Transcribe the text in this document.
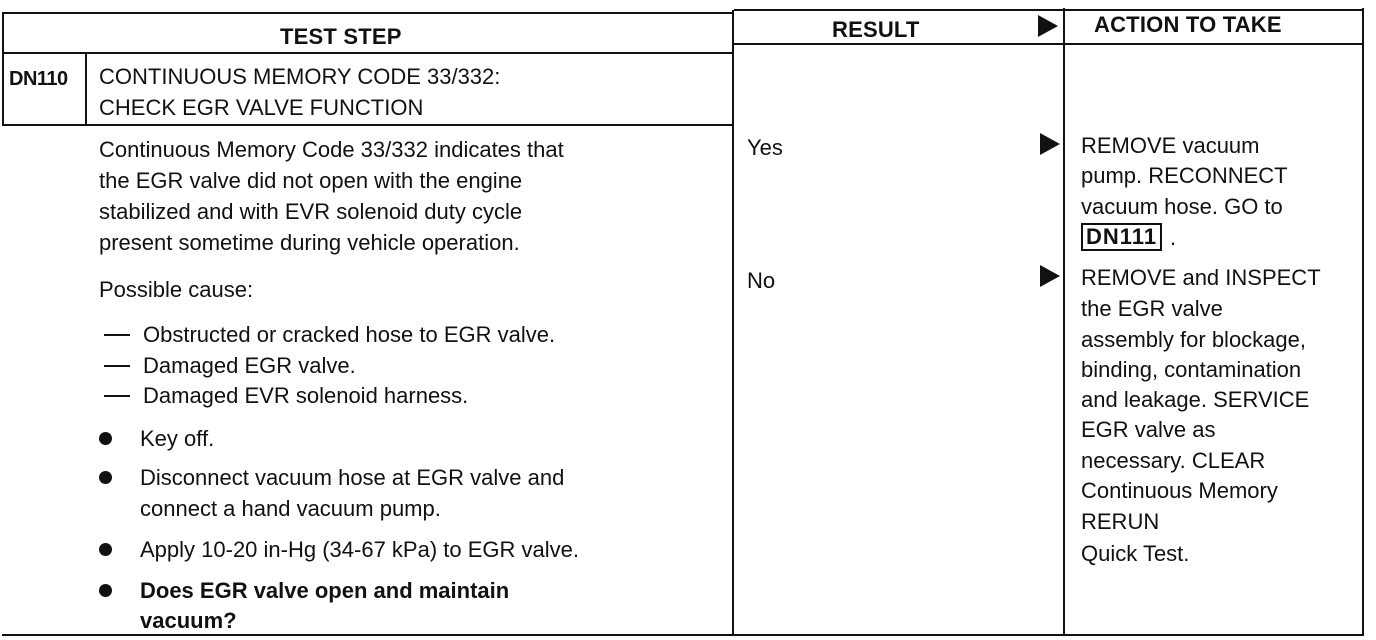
TEST STEP	RESULT	ACTION TO TAKE
DN110 CONTINUOUS MEMORY CODE 33/332:
CHECK EGR VALVE FUNCTION
Continuous Memory Code 33/332 indicates that
the EGR valve did not open with the engine
stabilized and with EVR solenoid duty cycle
present sometime during vehicle operation.
Possible cause:
Obstructed or cracked hose to EGR valve.
Damaged EGR valve.
Damaged EVR solenoid harness.
Key off.
Disconnect vacuum hose at EGR valve and
connect a hand vacuum pump.
Apply 10-20 in-Hg (34-67 kPa) to EGR valve.
Does EGR valve open and maintain
vacuum?
Yes
No
REMOVE vacuum
pump. RECONNECT
vacuum hose. GO to
DN111 .
REMOVE and INSPECT
the EGR valve
assembly for blockage,
binding, contamination
and leakage. SERVICE
EGR valve as
necessary. CLEAR
Continuous Memory
RERUN
Quick Test.
